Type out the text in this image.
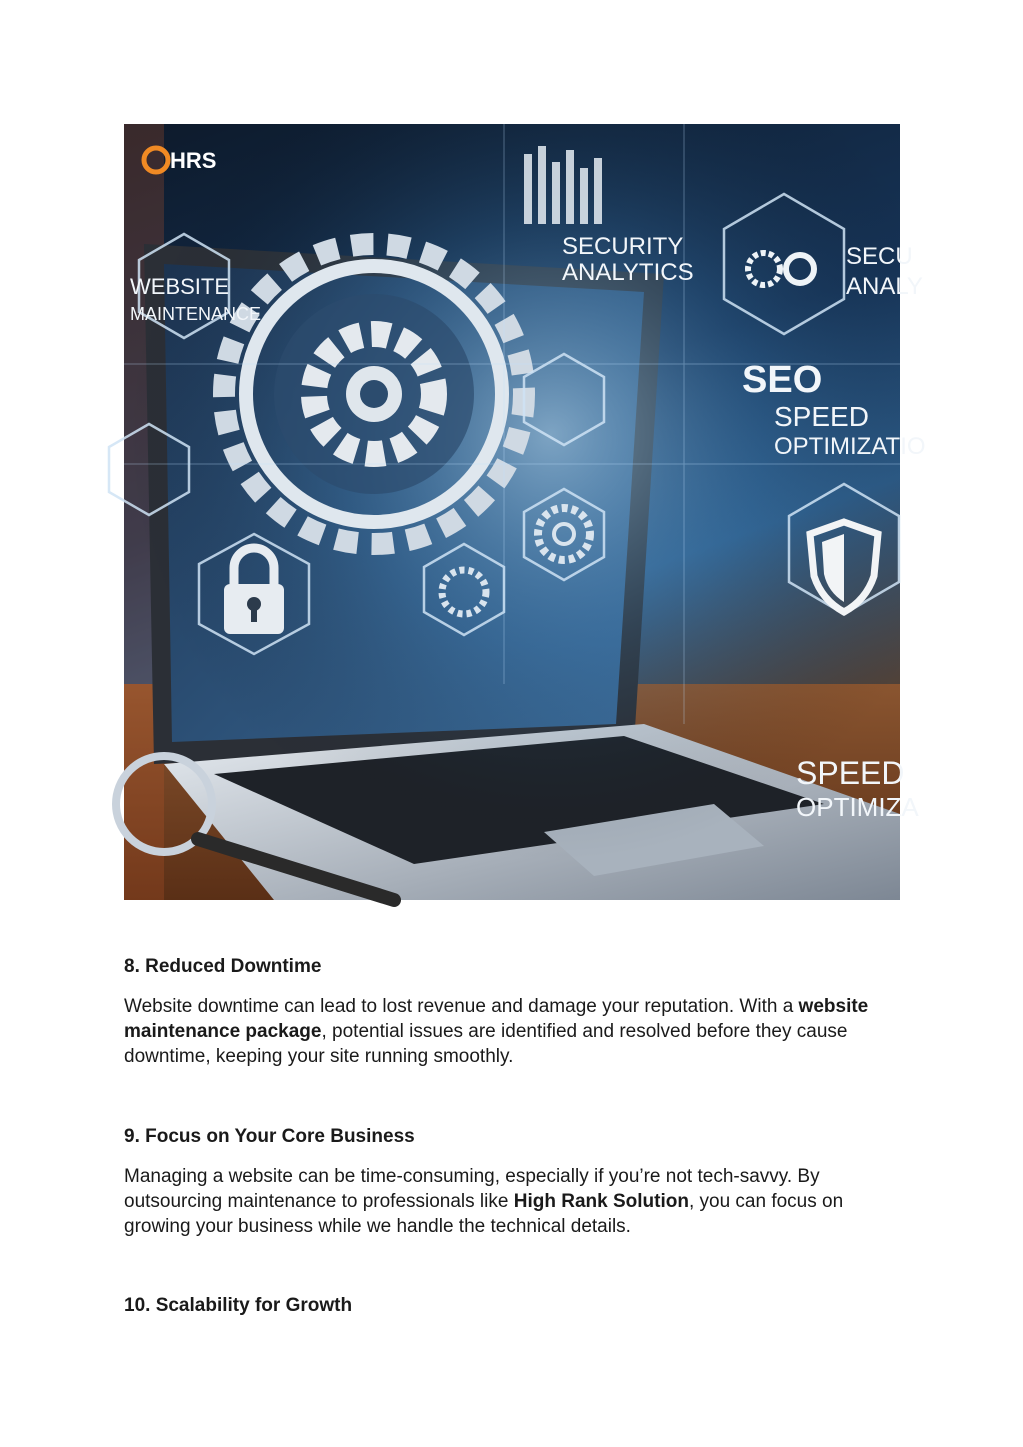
HRS
WEBSITE
MAINTENANCE
SECURITY
ANALYTICS
SECU
ANALY
SEO
SPEED
OPTIMIZATIO
SPEED
OPTIMIZA
8. Reduced Downtime

Website downtime can lead to lost revenue and damage your reputation. With a website maintenance package, potential issues are identified and resolved before they cause downtime, keeping your site running smoothly.

9. Focus on Your Core Business

Managing a website can be time-consuming, especially if you’re not tech-savvy. By outsourcing maintenance to professionals like High Rank Solution, you can focus on growing your business while we handle the technical details.

10. Scalability for Growth
